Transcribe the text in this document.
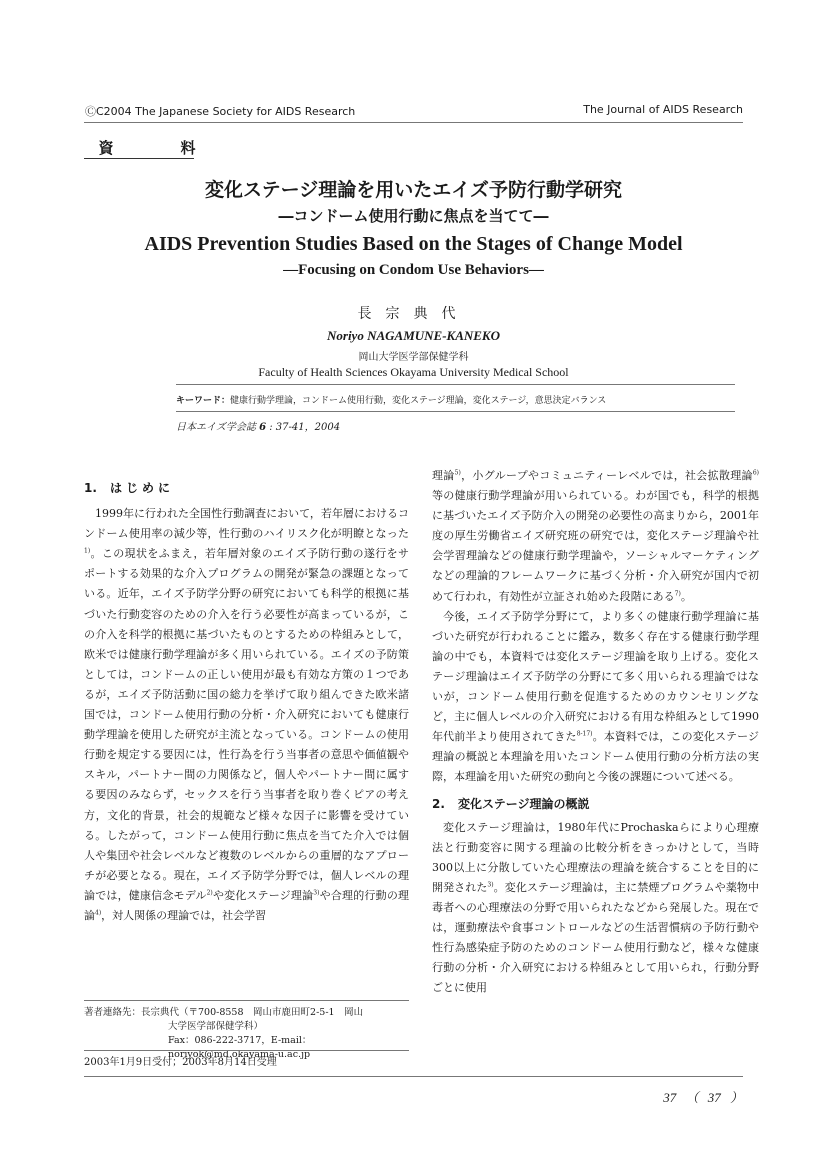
ⒸC2004 The Japanese Society for AIDS Research	The Journal of AIDS Research
資	料
変化ステージ理論を用いたエイズ予防行動学研究
―コンドーム使用行動に焦点を当てて―
AIDS Prevention Studies Based on the Stages of Change Model
―Focusing on Condom Use Behaviors―
長宗典代
Noriyo NAGAMUNE-KANEKO
岡山大学医学部保健学科
Faculty of Health Sciences Okayama University Medical School
キーワード：健康行動学理論，コンドーム使用行動，変化ステージ理論，変化ステージ，意思決定バランス
日本エイズ学会誌 6 : 37-41，2004
1. はじめに

1999年に行われた全国性行動調査において，若年層におけるコンドーム使用率の減少等，性行動のハイリスク化が明瞭となった$^{1)}$。この現状をふまえ，若年層対象のエイズ予防行動の遂行をサポートする効果的な介入プログラムの開発が緊急の課題となっている。近年，エイズ予防学分野の研究においても科学的根拠に基づいた行動変容のための介入を行う必要性が高まっているが，この介入を科学的根拠に基づいたものとするための枠組みとして，欧米では健康行動学理論が多く用いられている。エイズの予防策としては，コンドームの正しい使用が最も有効な方策の１つであるが，エイズ予防活動に国の総力を挙げて取り組んできた欧米諸国では，コンドーム使用行動の分析・介入研究においても健康行動学理論を使用した研究が主流となっている。コンドームの使用行動を規定する要因には，性行為を行う当事者の意思や価値観やスキル，パートナー間の力関係など，個人やパートナー間に属する要因のみならず，セックスを行う当事者を取り巻くピアの考え方，文化的背景，社会的規範など様々な因子に影響を受けている。したがって，コンドーム使用行動に焦点を当てた介入では個人や集団や社会レベルなど複数のレベルからの重層的なアプローチが必要となる。現在，エイズ予防学分野では，個人レベルの理論では，健康信念モデル$^{2)}$や変化ステージ理論$^{3)}$や合理的行動の理論$^{4)}$，対人関係の理論では，社会学習

理論$^{5)}$，小グループやコミュニティーレベルでは，社会拡散理論$^{6)}$等の健康行動学理論が用いられている。わが国でも，科学的根拠に基づいたエイズ予防介入の開発の必要性の高まりから，2001年度の厚生労働省エイズ研究班の研究では，変化ステージ理論や社会学習理論などの健康行動学理論や，ソーシャルマーケティングなどの理論的フレームワークに基づく分析・介入研究が国内で初めて行われ，有効性が立証され始めた段階にある$^{7)}$。

今後，エイズ予防学分野にて，より多くの健康行動学理論に基づいた研究が行われることに鑑み，数多く存在する健康行動学理論の中でも，本資料では変化ステージ理論を取り上げる。変化ステージ理論はエイズ予防学の分野にて多く用いられる理論ではないが，コンドーム使用行動を促進するためのカウンセリングなど，主に個人レベルの介入研究における有用な枠組みとして1990年代前半より使用されてきた$^{8-17)}$。本資料では，この変化ステージ理論の概説と本理論を用いたコンドーム使用行動の分析方法の実際，本理論を用いた研究の動向と今後の課題について述べる。

2. 変化ステージ理論の概説

変化ステージ理論は，1980年代にProchaskaらにより心理療法と行動変容に関する理論の比較分析をきっかけとして，当時300以上に分散していた心理療法の理論を統合することを目的に開発された$^{3)}$。変化ステージ理論は，主に禁煙プログラムや薬物中毒者への心理療法の分野で用いられたなどから発展した。現在では，運動療法や食事コントロールなどの生活習慣病の予防行動や性行為感染症予防のためのコンドーム使用行動など，様々な健康行動の分析・介入研究における枠組みとして用いられ，行動分野ごとに使用

著者連絡先：長宗典代（〒700-8558　岡山市鹿田町2-5-1　岡山
大学医学部保健学科）
Fax：086-222-3717，E-mail：noriyok@md.okayama-u.ac.jp
2003年1月9日受付；2003年8月14日受理
37 （ 37 ）
